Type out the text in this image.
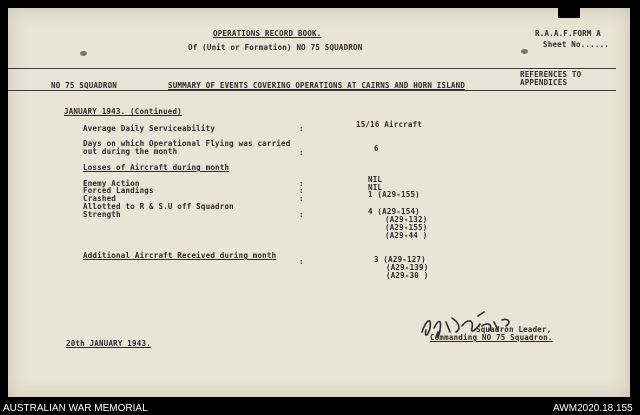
OPERATIONS RECORD BOOK.
Of (Unit or Formation) NO 75 SQUADRON
R.A.A.F.FORM A
Sheet No......
NO 75 SQUADRON	SUMMARY OF EVENTS COVERING OPERATIONS AT CAIRNS AND HORN ISLAND
REFERENCES TO
APPENDICES
JANUARY 1943. (Continued)
Average Daily Serviceability	:	15/16 Aircraft
Days on which Operational Flying was carried
out during the month	:	6
Losses of Aircraft during month
Enemy Action	:	NIL
Forced Landings	:	NIL
Crashed	:	1 (A29-155)
Allotted to R & S.U off Squadron
Strength	:	4 (A29-154)
(A29-132)
(A29-155)
(A29-44 )
Additional Aircraft Received during month
:	3 (A29-127)
(A29-139)
(A29-30 )
Squadron Leader,
Commanding NO 75 Squadron.
20th JANUARY 1943.
AUSTRALIAN WAR MEMORIAL	AWM2020.18.155
